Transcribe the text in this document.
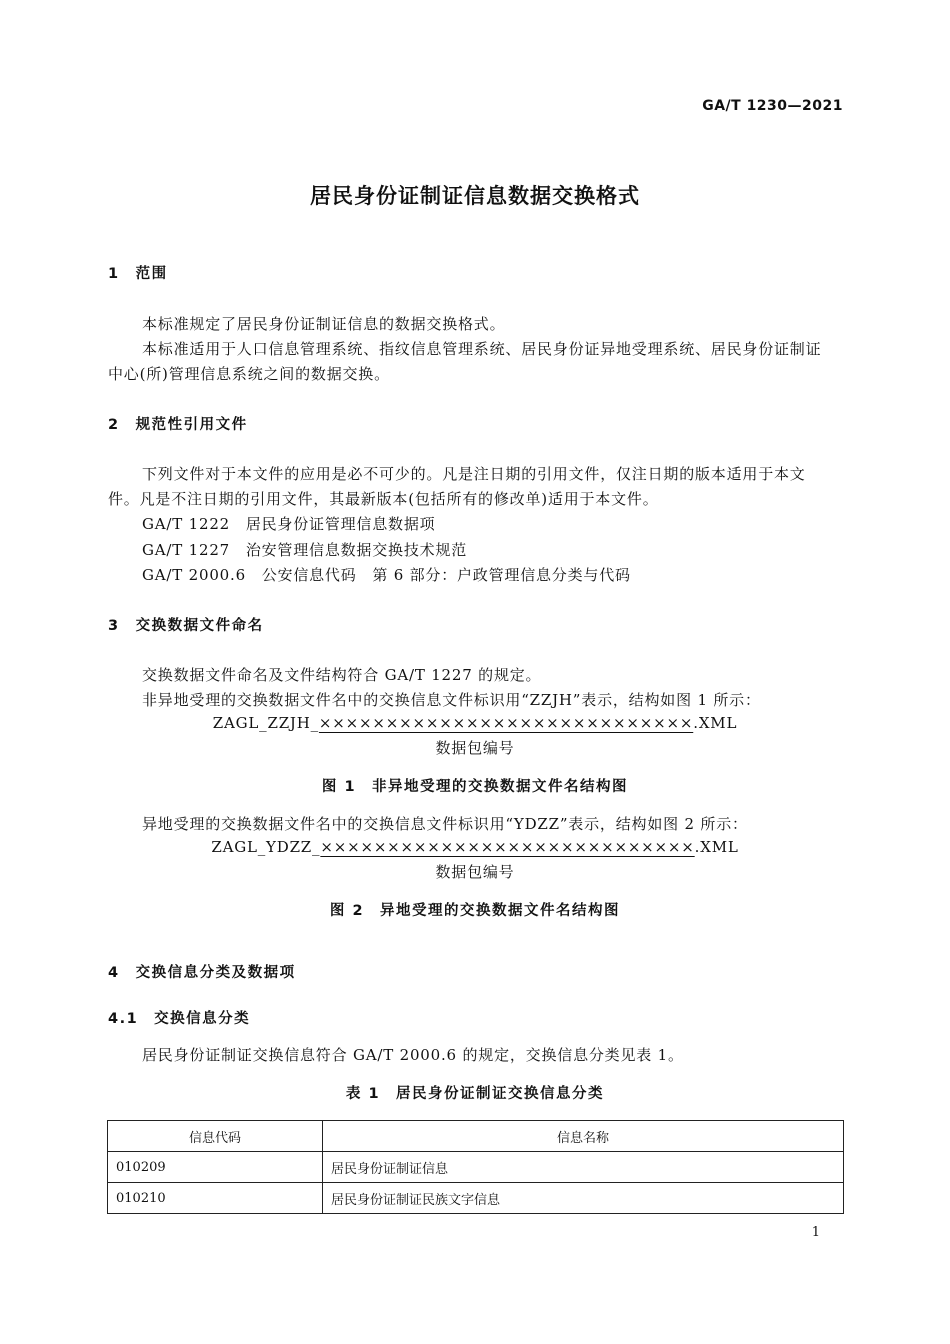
GA/T 1230—2021
居民身份证制证信息数据交换格式
1　范围
本标准规定了居民身份证制证信息的数据交换格式。
本标准适用于人口信息管理系统、指纹信息管理系统、居民身份证异地受理系统、居民身份证制证
中心(所)管理信息系统之间的数据交换。
2　规范性引用文件
下列文件对于本文件的应用是必不可少的。凡是注日期的引用文件，仅注日期的版本适用于本文
件。凡是不注日期的引用文件，其最新版本(包括所有的修改单)适用于本文件。
GA/T 1222　居民身份证管理信息数据项
GA/T 1227　治安管理信息数据交换技术规范
GA/T 2000.6　公安信息代码　第 6 部分：户政管理信息分类与代码
3　交换数据文件命名
交换数据文件命名及文件结构符合 GA/T 1227 的规定。
非异地受理的交换数据文件名中的交换信息文件标识用“ZZJH”表示，结构如图 1 所示：
ZAGL_ZZJH_××××××××××××××××××××××××××××.XML
数据包编号
图 1　非异地受理的交换数据文件名结构图
异地受理的交换数据文件名中的交换信息文件标识用“YDZZ”表示，结构如图 2 所示：
ZAGL_YDZZ_××××××××××××××××××××××××××××.XML
数据包编号
图 2　异地受理的交换数据文件名结构图
4　交换信息分类及数据项
4.1　交换信息分类
居民身份证制证交换信息符合 GA/T 2000.6 的规定，交换信息分类见表 1。
表 1　居民身份证制证交换信息分类
信息代码	信息名称
010209	居民身份证制证信息
010210	居民身份证制证民族文字信息
1
